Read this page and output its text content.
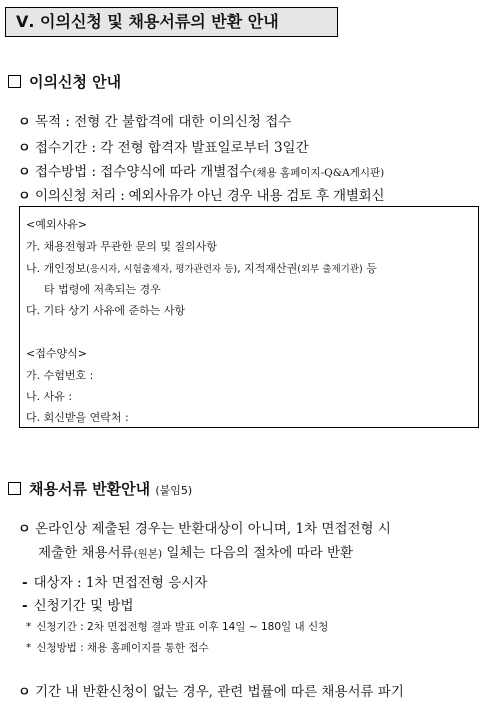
Ⅴ. 이의신청 및 채용서류의 반환 안내
이의신청 안내
ㅇ 목적 : 전형 간 불합격에 대한 이의신청 접수
ㅇ 접수기간 : 각 전형 합격자 발표일로부터 3일간
ㅇ 접수방법 : 접수양식에 따라 개별접수(채용 홈페이지-Q&A게시판)
ㅇ 이의신청 처리 : 예외사유가 아닌 경우 내용 검토 후 개별회신
<예외사유>
가. 채용전형과 무관한 문의 및 질의사항
나. 개인정보(응시자, 시험출제자, 평가관련자 등), 지적재산권(외부 출제기관) 등
타 법령에 저촉되는 경우
다. 기타 상기 사유에 준하는 사항
<접수양식>
가. 수험번호 :
나. 사유 :
다. 회신받을 연락처 :
채용서류 반환안내 (붙임5)
ㅇ 온라인상 제출된 경우는 반환대상이 아니며, 1차 면접전형 시
제출한 채용서류(원본) 일체는 다음의 절차에 따라 반환
- 대상자 : 1차 면접전형 응시자
- 신청기간 및 방법
* 신청기간 : 2차 면접전형 결과 발표 이후 14일 ~ 180일 내 신청
* 신청방법 : 채용 홈페이지를 통한 접수
ㅇ 기간 내 반환신청이 없는 경우, 관련 법률에 따른 채용서류 파기
